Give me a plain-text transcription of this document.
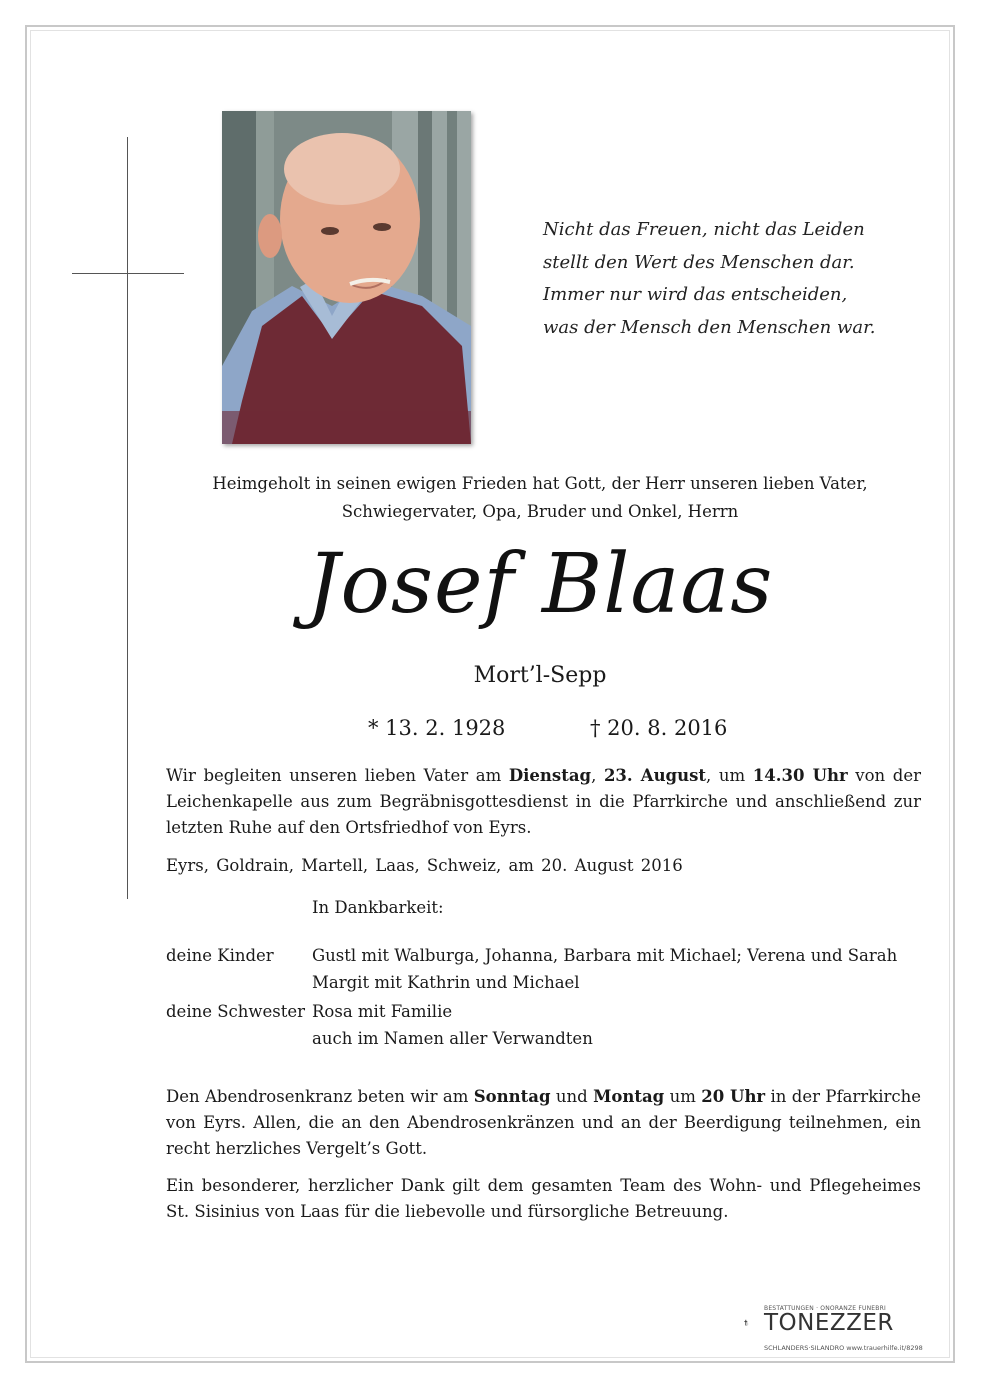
Nicht das Freuen, nicht das Leiden
stellt den Wert des Menschen dar.
Immer nur wird das entscheiden,
was der Mensch den Menschen war.
Heimgeholt in seinen ewigen Frieden hat Gott, der Herr unseren lieben Vater,
Schwiegervater, Opa, Bruder und Onkel, Herrn
Josef Blaas
Mort’l-Sepp
* 13. 2. 1928	† 20. 8. 2016
Wir begleiten unseren lieben Vater am Dienstag, 23. August, um 14.30 Uhr von der Leichenkapelle aus zum Begräbnisgottesdienst in die Pfarrkirche und anschließend zur letzten Ruhe auf den Ortsfriedhof von Eyrs.
Eyrs, Goldrain, Martell, Laas, Schweiz, am 20. August 2016
In Dankbarkeit:
deine Kinder Gustl mit Walburga, Johanna, Barbara mit Michael; Verena und Sarah
Margit mit Kathrin und Michael
deine Schwester Rosa mit Familie
auch im Namen aller Verwandten
Den Abendrosenkranz beten wir am Sonntag und Montag um 20 Uhr in der Pfarrkirche von Eyrs. Allen, die an den Abendrosenkränzen und an der Beerdigung teilnehmen, ein recht herzliches Vergelt’s Gott.
Ein besonderer, herzlicher Dank gilt dem gesamten Team des Wohn- und Pflegeheimes St. Sisinius von Laas für die liebevolle und fürsorgliche Betreuung.
BESTATTUNGEN · ONORANZE FUNEBRI
TONEZZER
SCHLANDERS·SILANDRO www.trauerhilfe.it/8298
